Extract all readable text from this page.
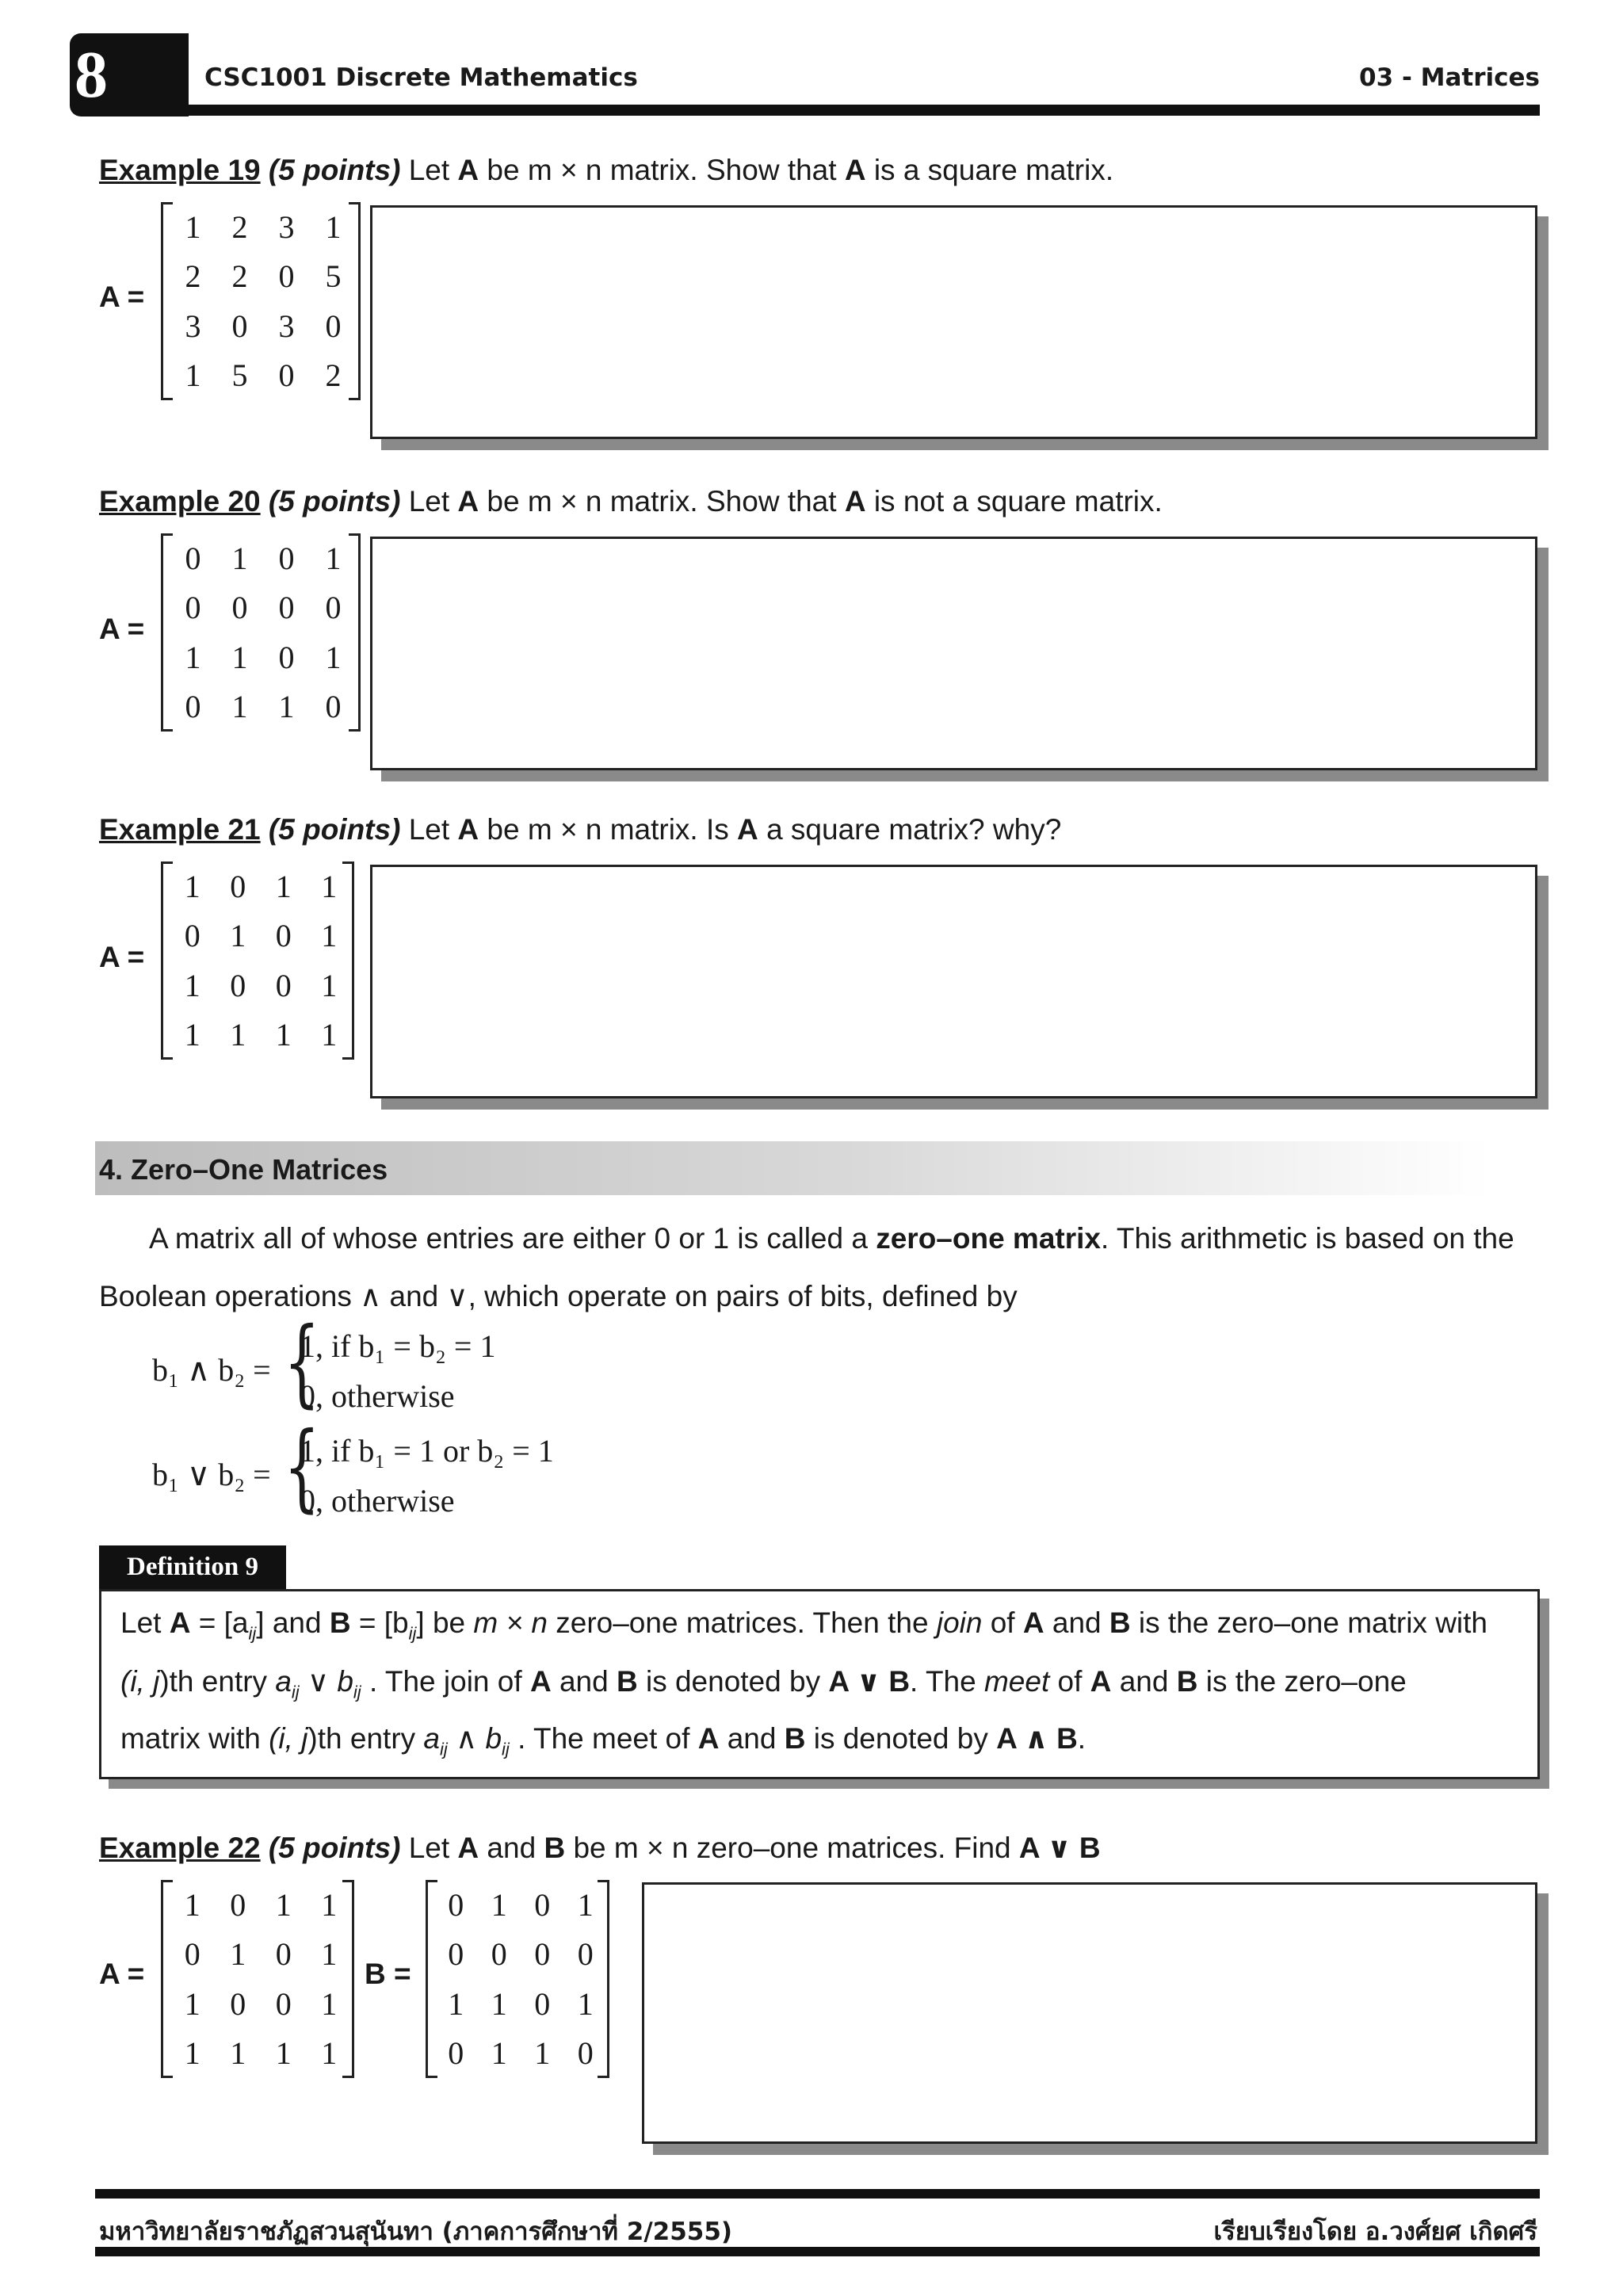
8	CSC1001 Discrete Mathematics	03 - Matrices
Example 19 (5 points) Let A be m × n matrix. Show that A is a square matrix.
A =
1	2	3	1
2	2	0	5
3	0	3	0
1	5	0	2
Example 20 (5 points) Let A be m × n matrix. Show that A is not a square matrix.
A =
0	1	0	1
0	0	0	0
1	1	0	1
0	1	1	0
Example 21 (5 points) Let A be m × n matrix. Is A a square matrix? why?
A =
1	0	1	1
0	1	0	1
1	0	0	1
1	1	1	1
4. Zero–One Matrices
A matrix all of whose entries are either 0 or 1 is called a zero–one matrix. This arithmetic is based on the
Boolean operations ∧ and ∨, which operate on pairs of bits, defined by
b₁ ∧ b₂ = {
1, if b₁ = b₂ = 1
0, otherwise
b₁ ∨ b₂ = {
1, if b₁ = 1 or b₂ = 1
0, otherwise
Definition 9
Let $A = [a_{ij}]$ and $B = [b_{ij}]$ be m × n zero–one matrices. Then the join of A and B is the zero–one matrix with
(i, j)th entry $a_{ij}$ ∨ $b_{ij}$ . The join of A and B is denoted by A ∨ B. The meet of A and B is the zero–one
matrix with (i, j)th entry $a_{ij}$ ∧ $b_{ij}$ . The meet of A and B is denoted by A ∧ B.
Example 22 (5 points) Let A and B be m × n zero–one matrices. Find A ∨ B
A =
1	0	1	1
0	1	0	1
1	0	0	1
1	1	1	1
B =
0	1	0	1
0	0	0	0
1	1	0	1
0	1	1	0
มหาวิทยาลัยราชภัฏสวนสุนันทา (ภาคการศึกษาที่ 2/2555)	เรียบเรียงโดย อ.วงศ์ยศ เกิดศรี
